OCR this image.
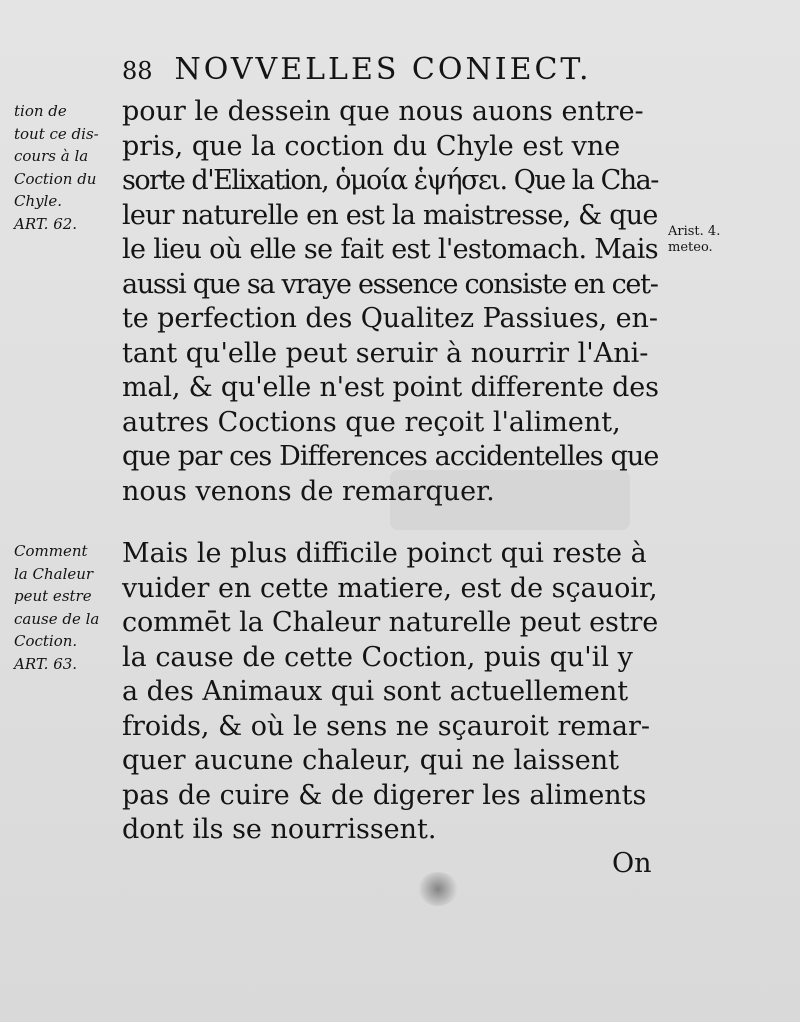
88 NOVVELLES CONIECT.
tion de
tout ce dis-
cours à la
Coction du
Chyle.
ART. 62.	Arist. 4.
meteo.

pour le dessein que nous auons entre-

pris, que la coction du Chyle est vne

sorte d'Elixation, ὁμοία ἑψήσει. Que la Cha-

leur naturelle en est la maistresse, & que

le lieu où elle se fait est l'estomach. Mais

aussi que sa vraye essence consiste en cet-

te perfection des Qualitez Passiues, en-

tant qu'elle peut seruir à nourrir l'Ani-

mal, & qu'elle n'est point differente des

autres Coctions que reçoit l'aliment,

que par ces Differences accidentelles que

nous venons de remarquer.

Comment
la Chaleur
peut estre
cause de la
Coction.
ART. 63.

Mais le plus difficile poinct qui reste à

vuider en cette matiere, est de sçauoir,

commēt la Chaleur naturelle peut estre

la cause de cette Coction, puis qu'il y

a des Animaux qui sont actuellement

froids, & où le sens ne sçauroit remar-

quer aucune chaleur, qui ne laissent

pas de cuire & de digerer les aliments

dont ils se nourrissent.

On
